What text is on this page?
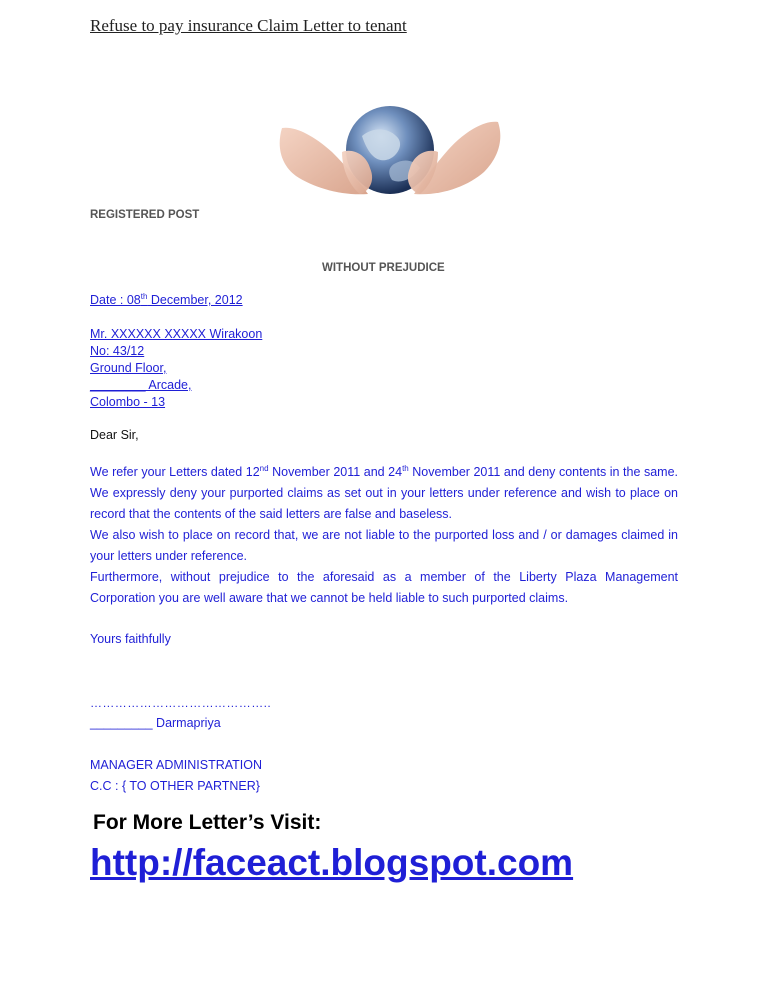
Refuse to pay insurance Claim Letter to tenant
REGISTERED POST
WITHOUT PREJUDICE
Date : 08th December, 2012
Mr. XXXXXX XXXXX Wirakoon
No: 43/12
Ground Floor,
________ Arcade,
Colombo - 13
Dear Sir,

We refer your Letters dated 12nd November 2011 and 24th November 2011 and deny contents in the same. We expressly deny your purported claims as set out in your letters under reference and wish to place on record that the contents of the said letters are false and baseless.

We also wish to place on record that, we are not liable to the purported loss and / or damages claimed in your letters under reference.

Furthermore, without prejudice to the aforesaid as a member of the Liberty Plaza Management Corporation you are well aware that we cannot be held liable to such purported claims.

Yours faithfully
……………………………………..
_________ Darmapriya
MANAGER ADMINISTRATION
C.C : { TO OTHER PARTNER}
For More Letter’s Visit:
http://faceact.blogspot.com
